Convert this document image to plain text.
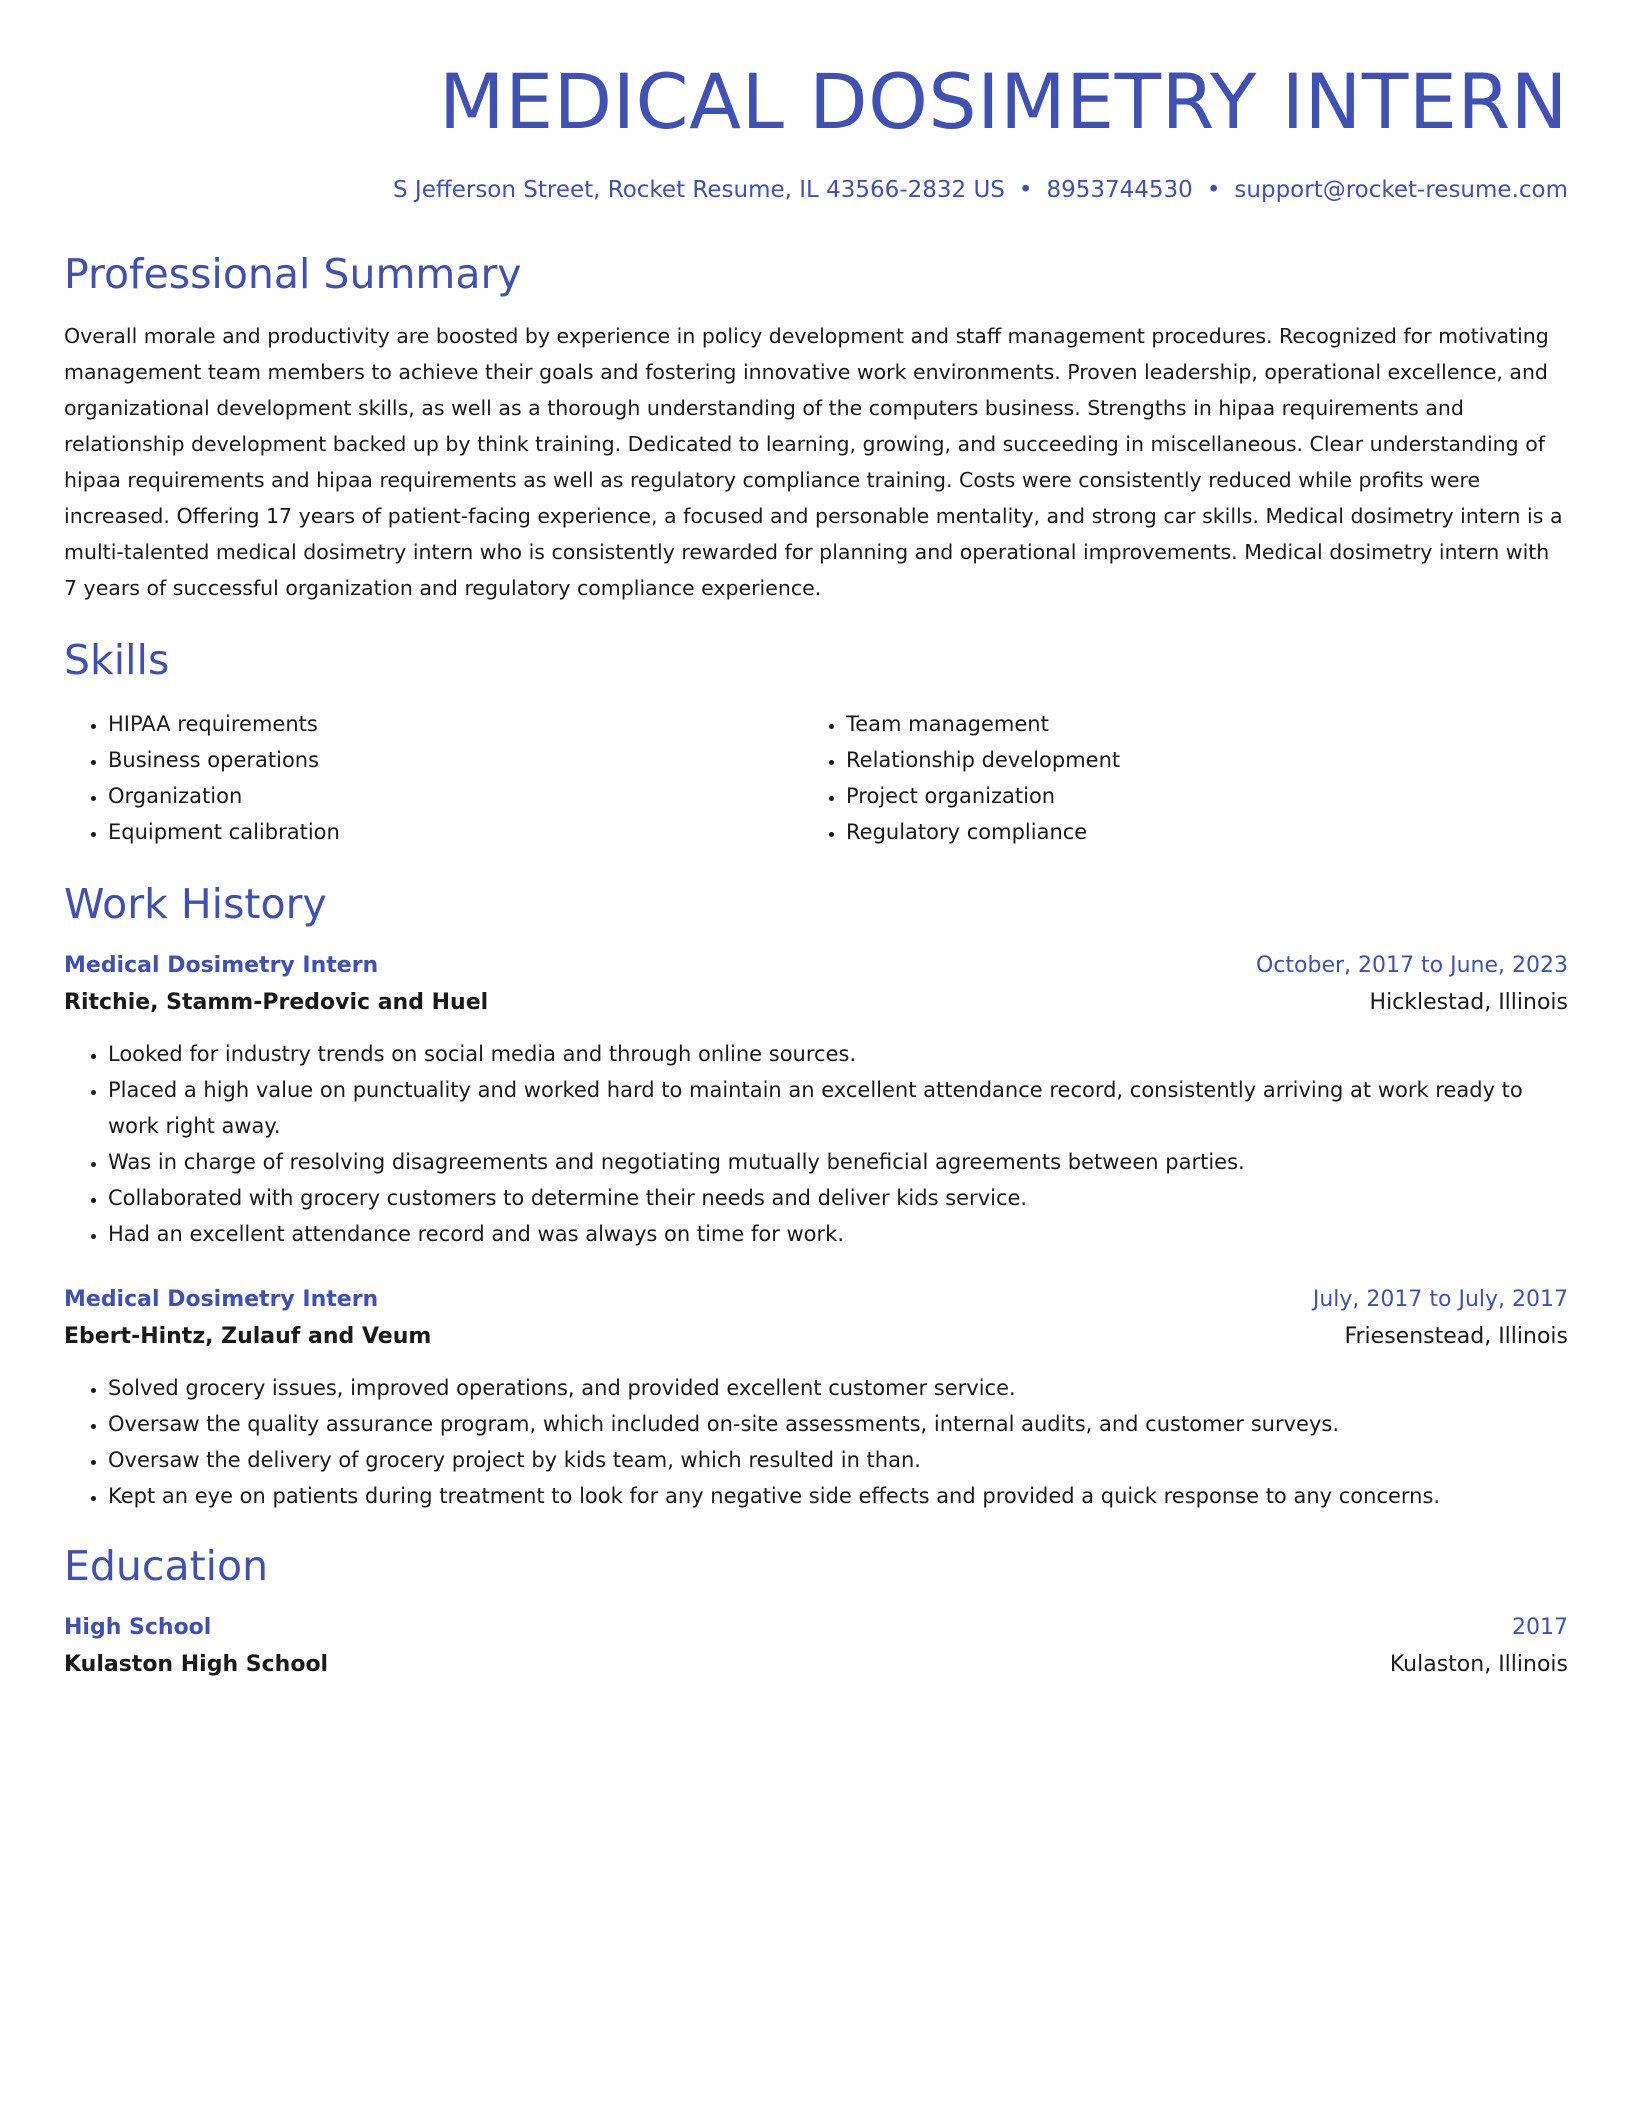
MEDICAL DOSIMETRY INTERN
S Jefferson Street, Rocket Resume, IL 43566-2832 US • 8953744530 • support@rocket-resume.com
Professional Summary
Overall morale and productivity are boosted by experience in policy development and staff management procedures. Recognized for motivating management team members to achieve their goals and fostering innovative work environments. Proven leadership, operational excellence, and organizational development skills, as well as a thorough understanding of the computers business. Strengths in hipaa requirements and relationship development backed up by think training. Dedicated to learning, growing, and succeeding in miscellaneous. Clear understanding of hipaa requirements and hipaa requirements as well as regulatory compliance training. Costs were consistently reduced while profits were increased. Offering 17 years of patient-facing experience, a focused and personable mentality, and strong car skills. Medical dosimetry intern is a multi-talented medical dosimetry intern who is consistently rewarded for planning and operational improvements. Medical dosimetry intern with 7 years of successful organization and regulatory compliance experience.
Skills
• HIPAA requirements
• Business operations
• Organization
• Equipment calibration
• Team management
• Relationship development
• Project organization
• Regulatory compliance
Work History
Medical Dosimetry Intern	October, 2017 to June, 2023
Ritchie, Stamm-Predovic and Huel	Hicklestad, Illinois
• Looked for industry trends on social media and through online sources.
• Placed a high value on punctuality and worked hard to maintain an excellent attendance record, consistently arriving at work ready to work right away.
• Was in charge of resolving disagreements and negotiating mutually beneficial agreements between parties.
• Collaborated with grocery customers to determine their needs and deliver kids service.
• Had an excellent attendance record and was always on time for work.
Medical Dosimetry Intern	July, 2017 to July, 2017
Ebert-Hintz, Zulauf and Veum	Friesenstead, Illinois
• Solved grocery issues, improved operations, and provided excellent customer service.
• Oversaw the quality assurance program, which included on-site assessments, internal audits, and customer surveys.
• Oversaw the delivery of grocery project by kids team, which resulted in than.
• Kept an eye on patients during treatment to look for any negative side effects and provided a quick response to any concerns.
Education
High School	2017
Kulaston High School	Kulaston, Illinois
